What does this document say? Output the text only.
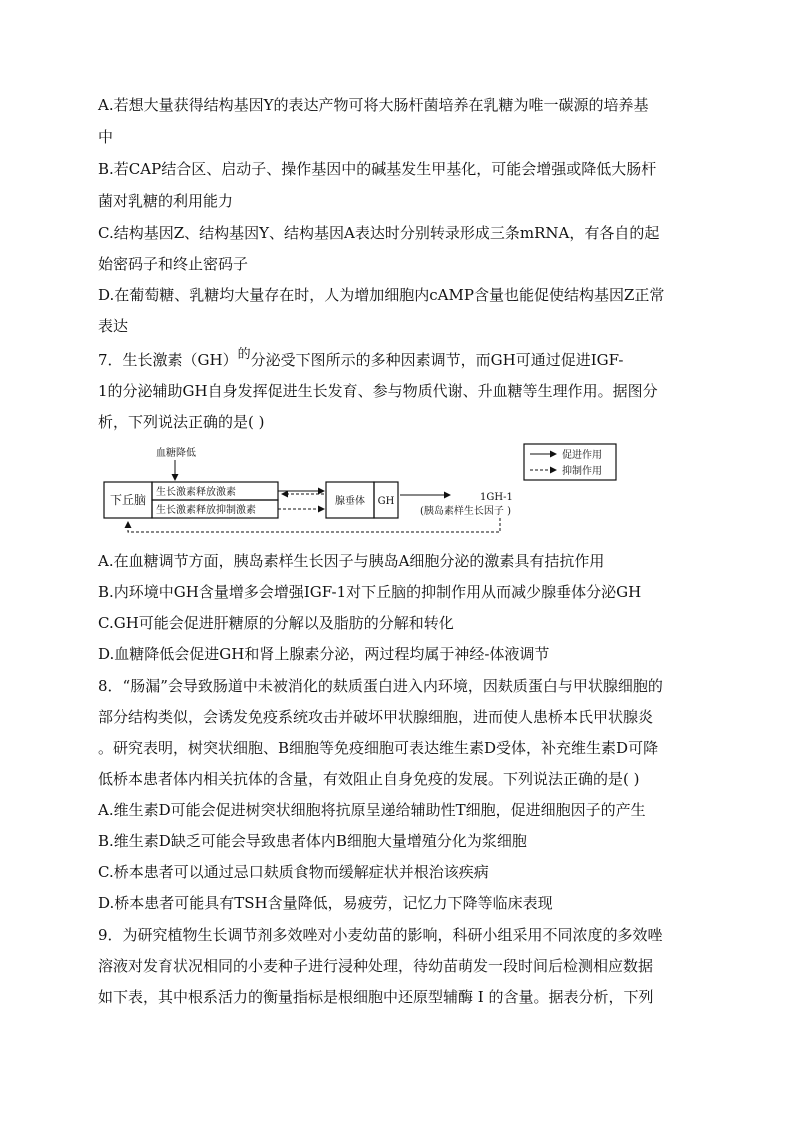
A.若想大量获得结构基因Y的表达产物可将大肠杆菌培养在乳糖为唯一碳源的培养基
中
B.若CAP结合区、启动子、操作基因中的碱基发生甲基化，可能会增强或降低大肠杆
菌对乳糖的利用能力
C.结构基因Z、结构基因Y、结构基因A表达时分别转录形成三条mRNA，有各自的起
始密码子和终止密码子
D.在葡萄糖、乳糖均大量存在时，人为增加细胞内cAMP含量也能促使结构基因Z正常
表达
7．生长激素（GH）的分泌受下图所示的多种因素调节，而GH可通过促进IGF-
1的分泌辅助GH自身发挥促进生长发育、参与物质代谢、升血糖等生理作用。据图分
析，下列说法正确的是( )
血糖降低
下丘脑
生长激素释放激素
生长激素释放抑制激素
腺垂体 GH	1GH-1
(胰岛素样生长因子 )
促进作用
抑制作用
A.在血糖调节方面，胰岛素样生长因子与胰岛A细胞分泌的激素具有拮抗作用
B.内环境中GH含量增多会增强IGF-1对下丘脑的抑制作用从而减少腺垂体分泌GH
C.GH可能会促进肝糖原的分解以及脂肪的分解和转化
D.血糖降低会促进GH和肾上腺素分泌，两过程均属于神经-体液调节
8．“肠漏”会导致肠道中未被消化的麸质蛋白进入内环境，因麸质蛋白与甲状腺细胞的
部分结构类似，会诱发免疫系统攻击并破坏甲状腺细胞，进而使人患桥本氏甲状腺炎
。研究表明，树突状细胞、B细胞等免疫细胞可表达维生素D受体，补充维生素D可降
低桥本患者体内相关抗体的含量，有效阻止自身免疫的发展。下列说法正确的是( )
A.维生素D可能会促进树突状细胞将抗原呈递给辅助性T细胞，促进细胞因子的产生
B.维生素D缺乏可能会导致患者体内B细胞大量增殖分化为浆细胞
C.桥本患者可以通过忌口麸质食物而缓解症状并根治该疾病
D.桥本患者可能具有TSH含量降低，易疲劳，记忆力下降等临床表现
9．为研究植物生长调节剂多效唑对小麦幼苗的影响，科研小组采用不同浓度的多效唑
溶液对发育状况相同的小麦种子进行浸种处理，待幼苗萌发一段时间后检测相应数据
如下表，其中根系活力的衡量指标是根细胞中还原型辅酶 I 的含量。据表分析，下列
